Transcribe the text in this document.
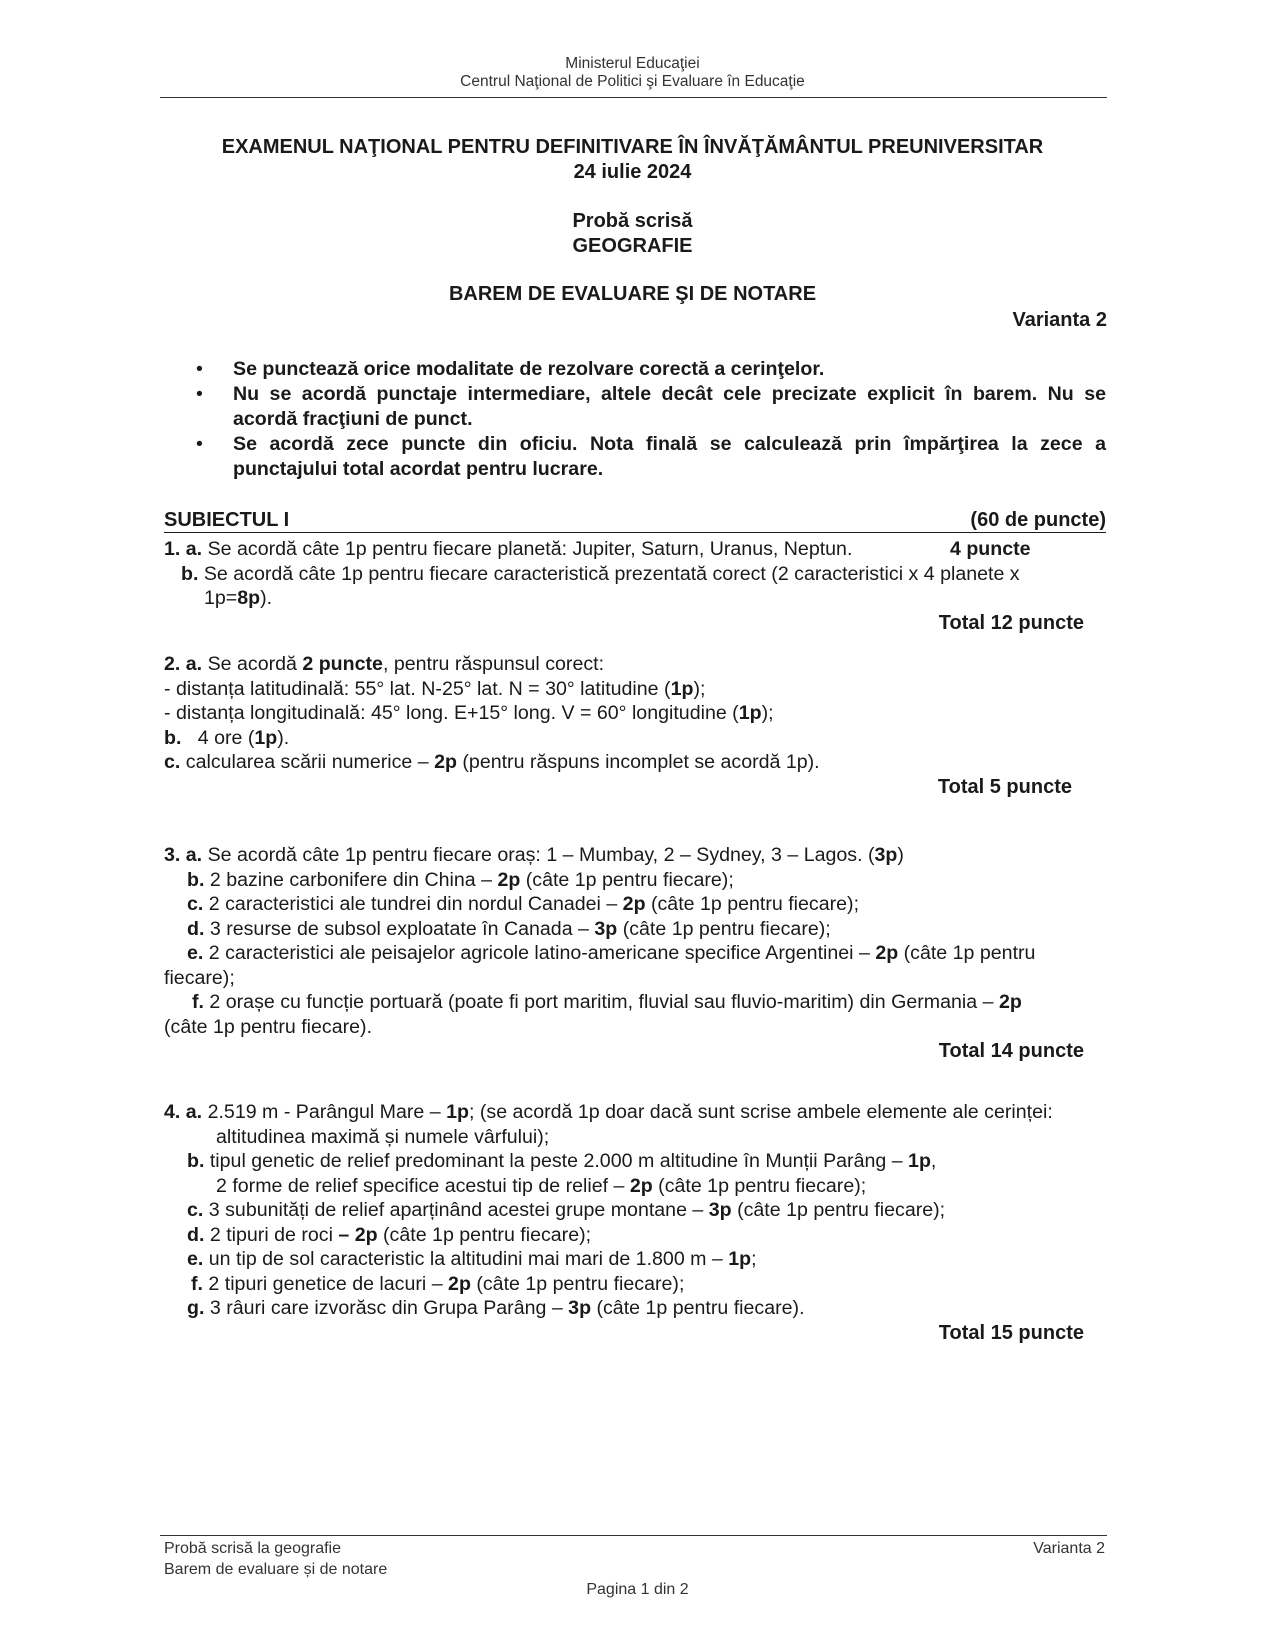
Ministerul Educaţiei
Centrul Naţional de Politici şi Evaluare în Educaţie
EXAMENUL NAŢIONAL PENTRU DEFINITIVARE ÎN ÎNVĂŢĂMÂNTUL PREUNIVERSITAR
24 iulie 2024
Probă scrisă
GEOGRAFIE
BAREM DE EVALUARE ŞI DE NOTARE
Varianta 2
• Se punctează orice modalitate de rezolvare corectă a cerinţelor.
• Nu se acordă punctaje intermediare, altele decât cele precizate explicit în barem. Nu se acordă fracţiuni de punct.
• Se acordă zece puncte din oficiu. Nota finală se calculează prin împărţirea la zece a punctajului total acordat pentru lucrare.
SUBIECTUL I	(60 de puncte)
1. a. Se acordă câte 1p pentru fiecare planetă: Jupiter, Saturn, Uranus, Neptun.	4 puncte
b. Se acordă câte 1p pentru fiecare caracteristică prezentată corect (2 caracteristici x 4 planete x
1p=8p).
Total 12 puncte
2. a. Se acordă 2 puncte, pentru răspunsul corect:
- distanța latitudinală: 55° lat. N-25° lat. N = 30° latitudine (1p);
- distanța longitudinală: 45° long. E+15° long. V = 60° longitudine (1p);
b.   4 ore (1p).
c. calcularea scării numerice – 2p (pentru răspuns incomplet se acordă 1p).
Total 5 puncte
3. a. Se acordă câte 1p pentru fiecare oraș: 1 – Mumbay, 2 – Sydney, 3 – Lagos. (3p)
b. 2 bazine carbonifere din China – 2p (câte 1p pentru fiecare);
c. 2 caracteristici ale tundrei din nordul Canadei – 2p (câte 1p pentru fiecare);
d. 3 resurse de subsol exploatate în Canada – 3p (câte 1p pentru fiecare);
e. 2 caracteristici ale peisajelor agricole latino-americane specifice Argentinei – 2p (câte 1p pentru
fiecare);
f. 2 orașe cu funcție portuară (poate fi port maritim, fluvial sau fluvio-maritim) din Germania – 2p
(câte 1p pentru fiecare).
Total 14 puncte
4. a. 2.519 m - Parângul Mare – 1p; (se acordă 1p doar dacă sunt scrise ambele elemente ale cerinței:
altitudinea maximă și numele vârfului);
b. tipul genetic de relief predominant la peste 2.000 m altitudine în Munții Parâng – 1p,
2 forme de relief specifice acestui tip de relief – 2p (câte 1p pentru fiecare);
c. 3 subunități de relief aparținând acestei grupe montane – 3p (câte 1p pentru fiecare);
d. 2 tipuri de roci – 2p (câte 1p pentru fiecare);
e. un tip de sol caracteristic la altitudini mai mari de 1.800 m – 1p;
f. 2 tipuri genetice de lacuri – 2p (câte 1p pentru fiecare);
g. 3 râuri care izvorăsc din Grupa Parâng – 3p (câte 1p pentru fiecare).
Total 15 puncte
Probă scrisă la geografie
Barem de evaluare și de notare
Varianta 2
Pagina 1 din 2
